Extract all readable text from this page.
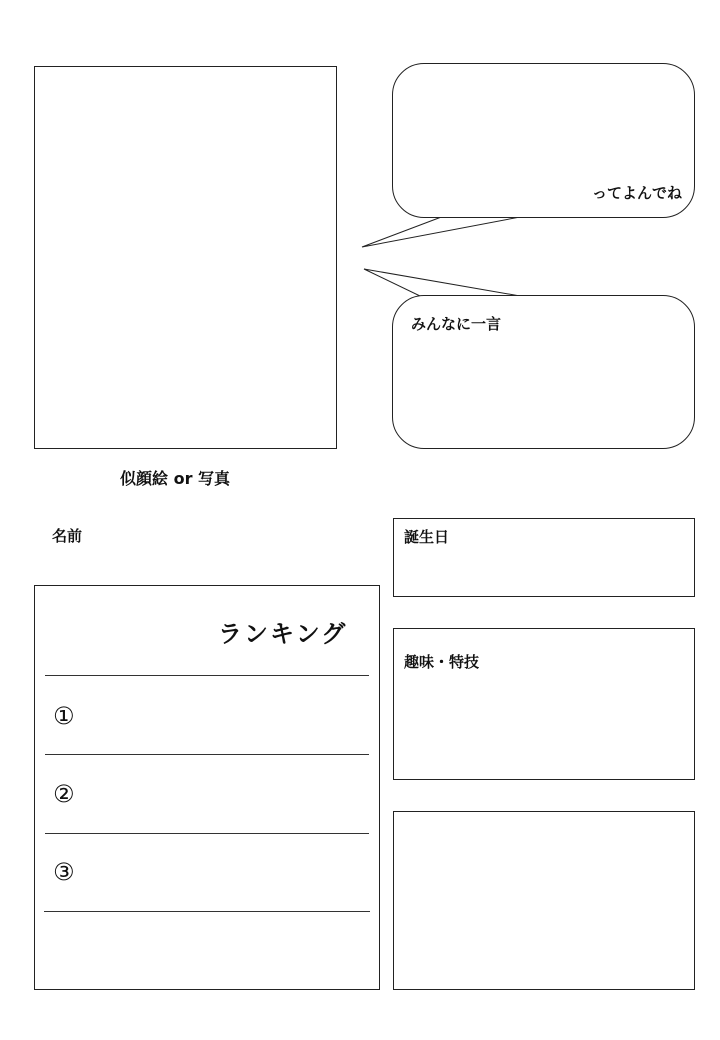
似顔絵 or 写真
ってよんでね
みんなに一言
名前
ランキング
①
②
③
誕生日
趣味・特技
